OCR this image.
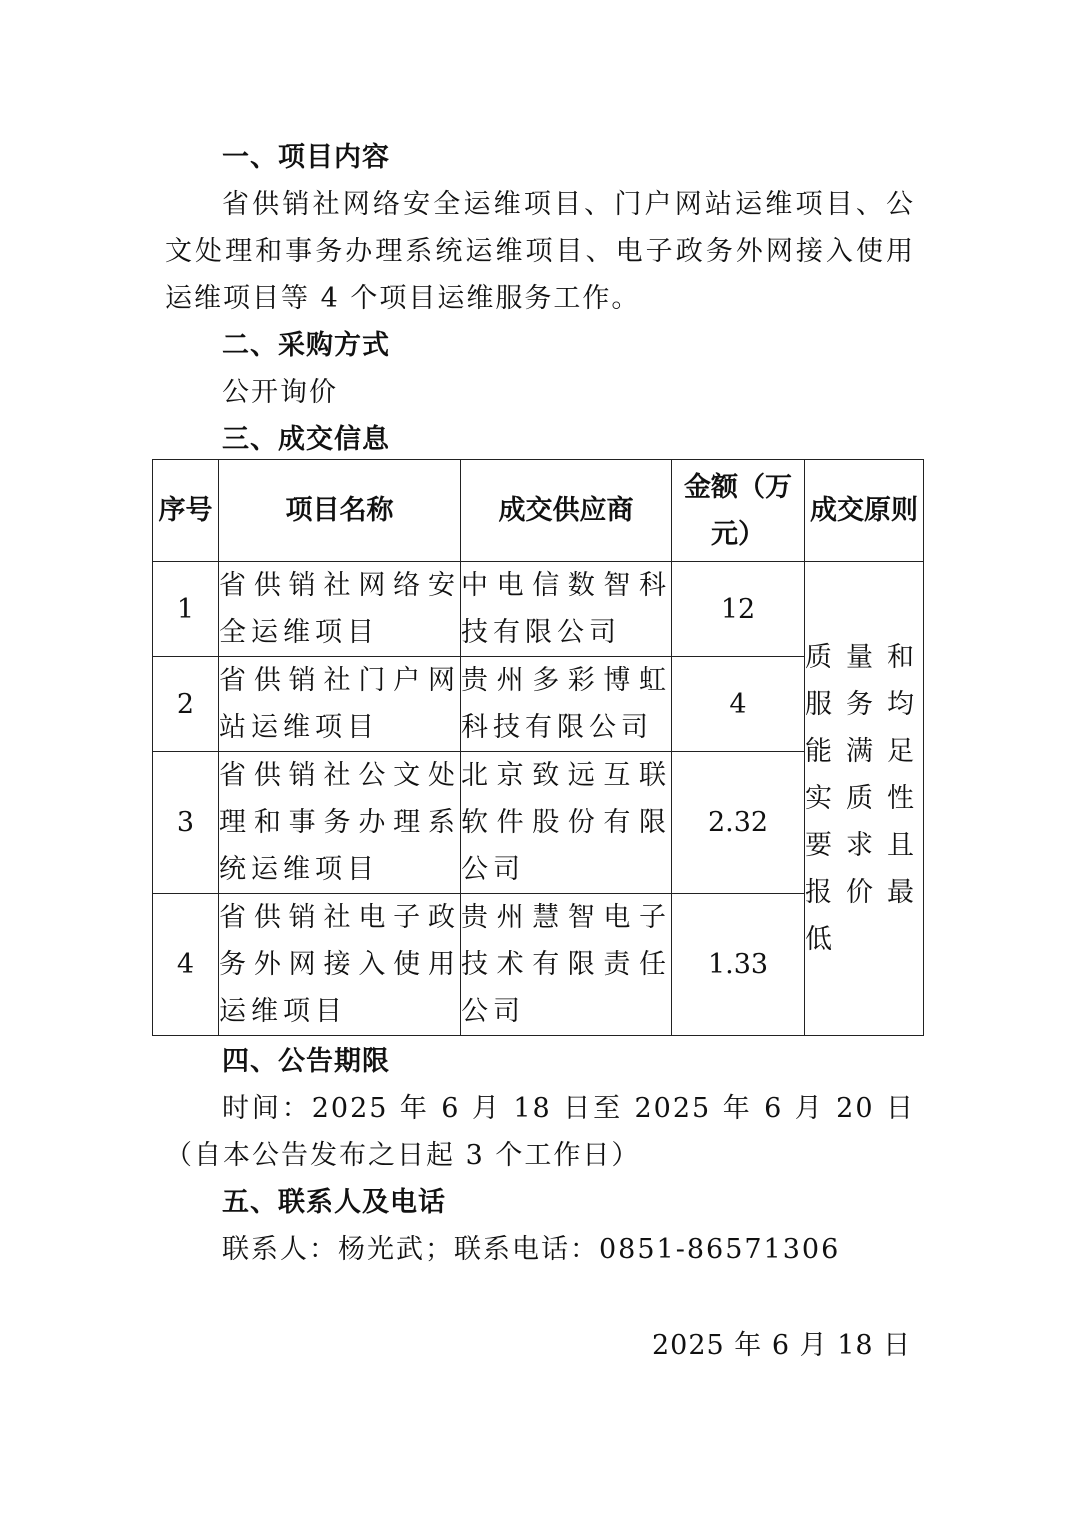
一、项目内容
省供销社网络安全运维项目、门户网站运维项目、公文处理和事务办理系统运维项目、电子政务外网接入使用运维项目等 4 个项目运维服务工作。
二、采购方式
公开询价
三、成交信息
序号	项目名称	成交供应商	金额（万元）	成交原则
1	省供销社网络安全运维项目	中电信数智科技有限公司	12	质量和服务均能满足实质性要求且报价最低
2	省供销社门户网站运维项目	贵州多彩博虹科技有限公司	4	
3	省供销社公文处理和事务办理系统运维项目	北京致远互联软件股份有限公司	2.32	
4	省供销社电子政务外网接入使用运维项目	贵州慧智电子技术有限责任公司	1.33	
四、公告期限
时间：2025 年 6 月 18 日至 2025 年 6 月 20 日（自本公告发布之日起 3 个工作日）
五、联系人及电话
联系人：杨光武；联系电话：0851-86571306
2025 年 6 月 18 日
